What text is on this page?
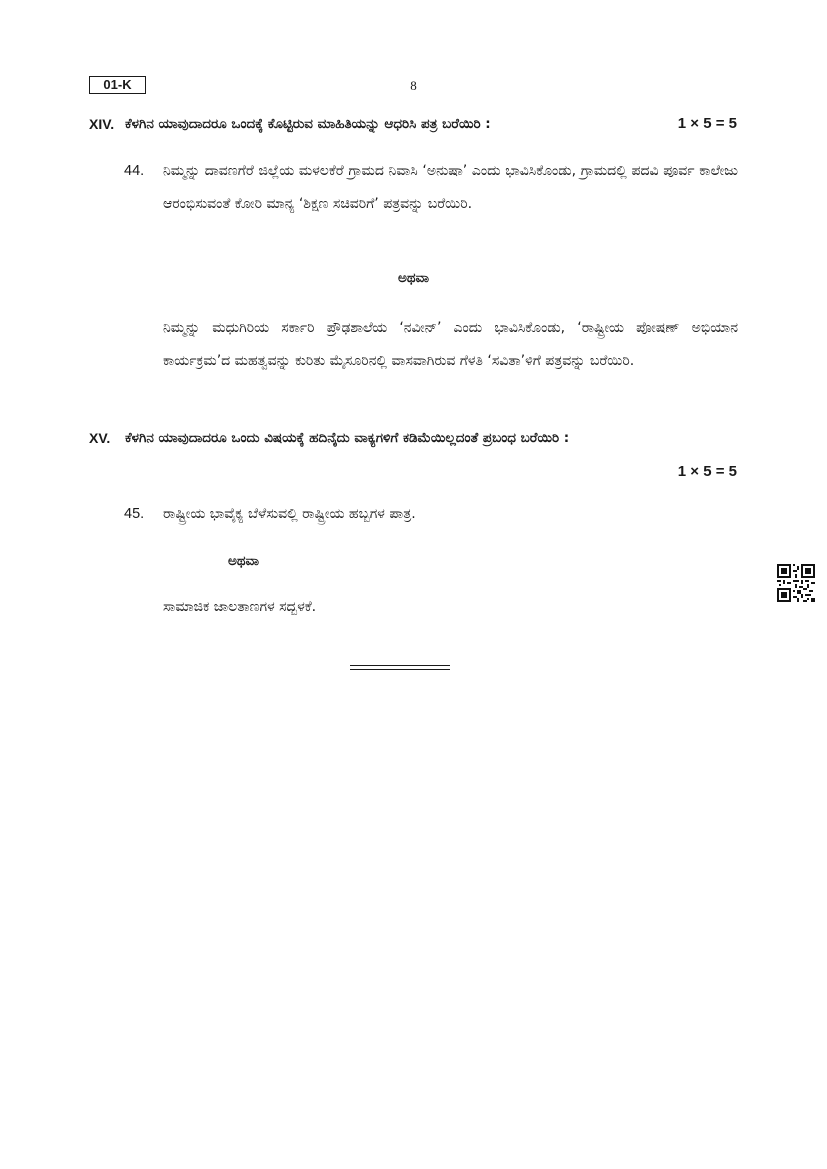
01-K	8
XIV. ಕೆಳಗಿನ ಯಾವುದಾದರೂ ಒಂದಕ್ಕೆ ಕೊಟ್ಟಿರುವ ಮಾಹಿತಿಯನ್ನು ಆಧರಿಸಿ ಪತ್ರ ಬರೆಯಿರಿ :	1 × 5 = 5
44. ನಿಮ್ಮನ್ನು ದಾವಣಗೆರೆ ಜಿಲ್ಲೆಯ ಮಳಲಕೆರೆ ಗ್ರಾಮದ ನಿವಾಸಿ ‘ಅನುಷಾ’ ಎಂದು ಭಾವಿಸಿಕೊಂಡು, ಗ್ರಾಮದಲ್ಲಿ ಪದವಿ ಪೂರ್ವ ಕಾಲೇಜು ಆರಂಭಿಸುವಂತೆ ಕೋರಿ ಮಾನ್ಯ ‘ಶಿಕ್ಷಣ ಸಚಿವರಿಗೆ’ ಪತ್ರವನ್ನು ಬರೆಯಿರಿ.
ಅಥವಾ
ನಿಮ್ಮನ್ನು ಮಧುಗಿರಿಯ ಸರ್ಕಾರಿ ಪ್ರೌಢಶಾಲೆಯ ‘ನವೀನ್’ ಎಂದು ಭಾವಿಸಿಕೊಂಡು, ‘ರಾಷ್ಟ್ರೀಯ ಪೋಷಣ್ ಅಭಿಯಾನ ಕಾರ್ಯಕ್ರಮ’ದ ಮಹತ್ವವನ್ನು ಕುರಿತು ಮೈಸೂರಿನಲ್ಲಿ ವಾಸವಾಗಿರುವ ಗೆಳತಿ ‘ಸವಿತಾ’ಳಿಗೆ ಪತ್ರವನ್ನು ಬರೆಯಿರಿ.
XV. ಕೆಳಗಿನ ಯಾವುದಾದರೂ ಒಂದು ವಿಷಯಕ್ಕೆ ಹದಿನೈದು ವಾಕ್ಯಗಳಿಗೆ ಕಡಿಮೆಯಿಲ್ಲದಂತೆ ಪ್ರಬಂಧ ಬರೆಯಿರಿ :
1 × 5 = 5
45. ರಾಷ್ಟ್ರೀಯ ಭಾವೈಕ್ಯ ಬೆಳೆಸುವಲ್ಲಿ ರಾಷ್ಟ್ರೀಯ ಹಬ್ಬಗಳ ಪಾತ್ರ.
ಅಥವಾ
ಸಾಮಾಜಿಕ ಜಾಲತಾಣಗಳ ಸದ್ಬಳಕೆ.
